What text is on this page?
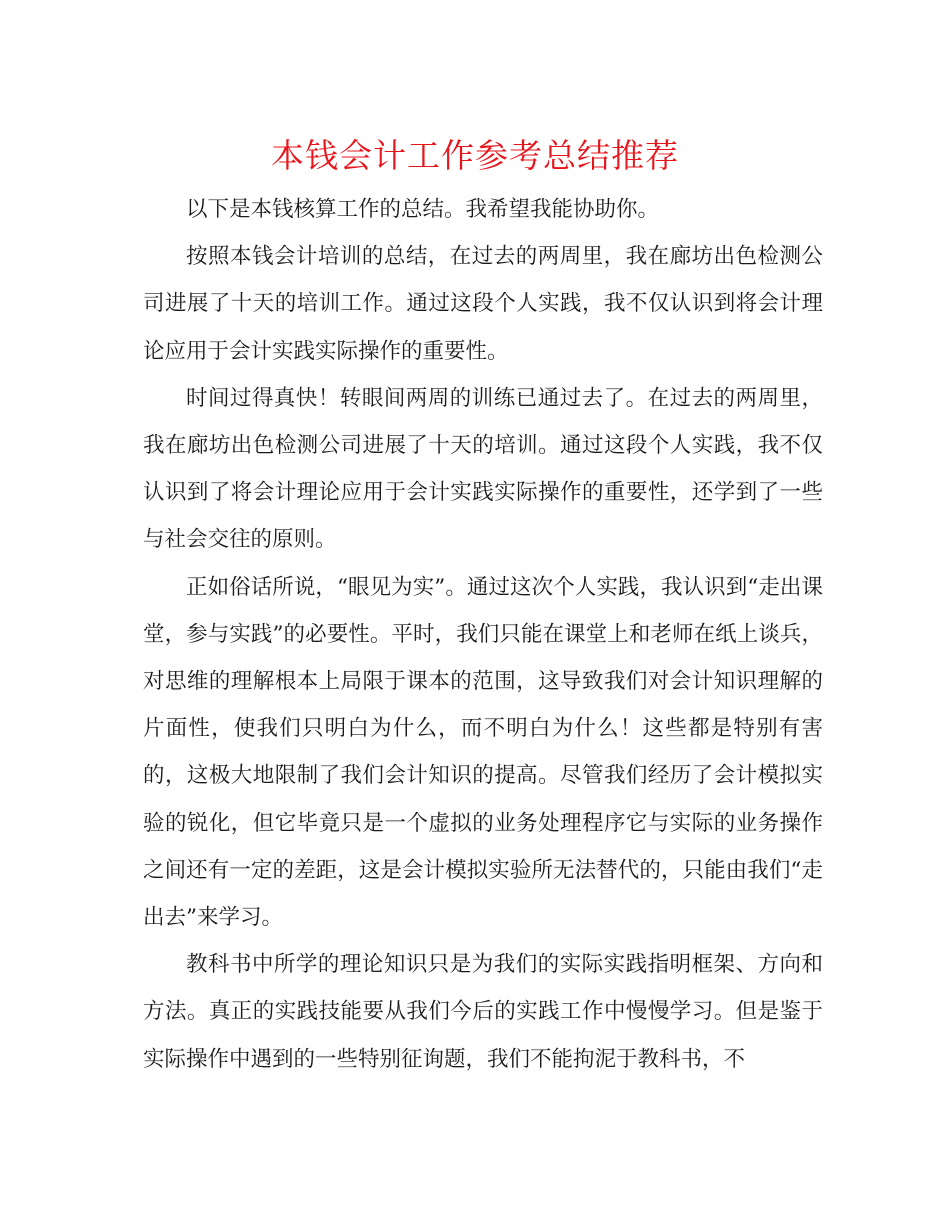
本钱会计工作参考总结推荐

以下是本钱核算工作的总结。我希望我能协助你。

按照本钱会计培训的总结，在过去的两周里，我在廊坊出色检测公司进展了十天的培训工作。通过这段个人实践，我不仅认识到将会计理论应用于会计实践实际操作的重要性。

时间过得真快！转眼间两周的训练已通过去了。在过去的两周里，我在廊坊出色检测公司进展了十天的培训。通过这段个人实践，我不仅认识到了将会计理论应用于会计实践实际操作的重要性，还学到了一些与社会交往的原则。

正如俗话所说，“眼见为实”。通过这次个人实践，我认识到“走出课堂，参与实践”的必要性。平时，我们只能在课堂上和老师在纸上谈兵，对思维的理解根本上局限于课本的范围，这导致我们对会计知识理解的片面性，使我们只明白为什么，而不明白为什么！这些都是特别有害的，这极大地限制了我们会计知识的提高。尽管我们经历了会计模拟实验的锐化，但它毕竟只是一个虚拟的业务处理程序它与实际的业务操作之间还有一定的差距，这是会计模拟实验所无法替代的，只能由我们“走出去”来学习。

教科书中所学的理论知识只是为我们的实际实践指明框架、方向和方法。真正的实践技能要从我们今后的实践工作中慢慢学习。但是鉴于实际操作中遇到的一些特别征询题，我们不能拘泥于教科书，不
